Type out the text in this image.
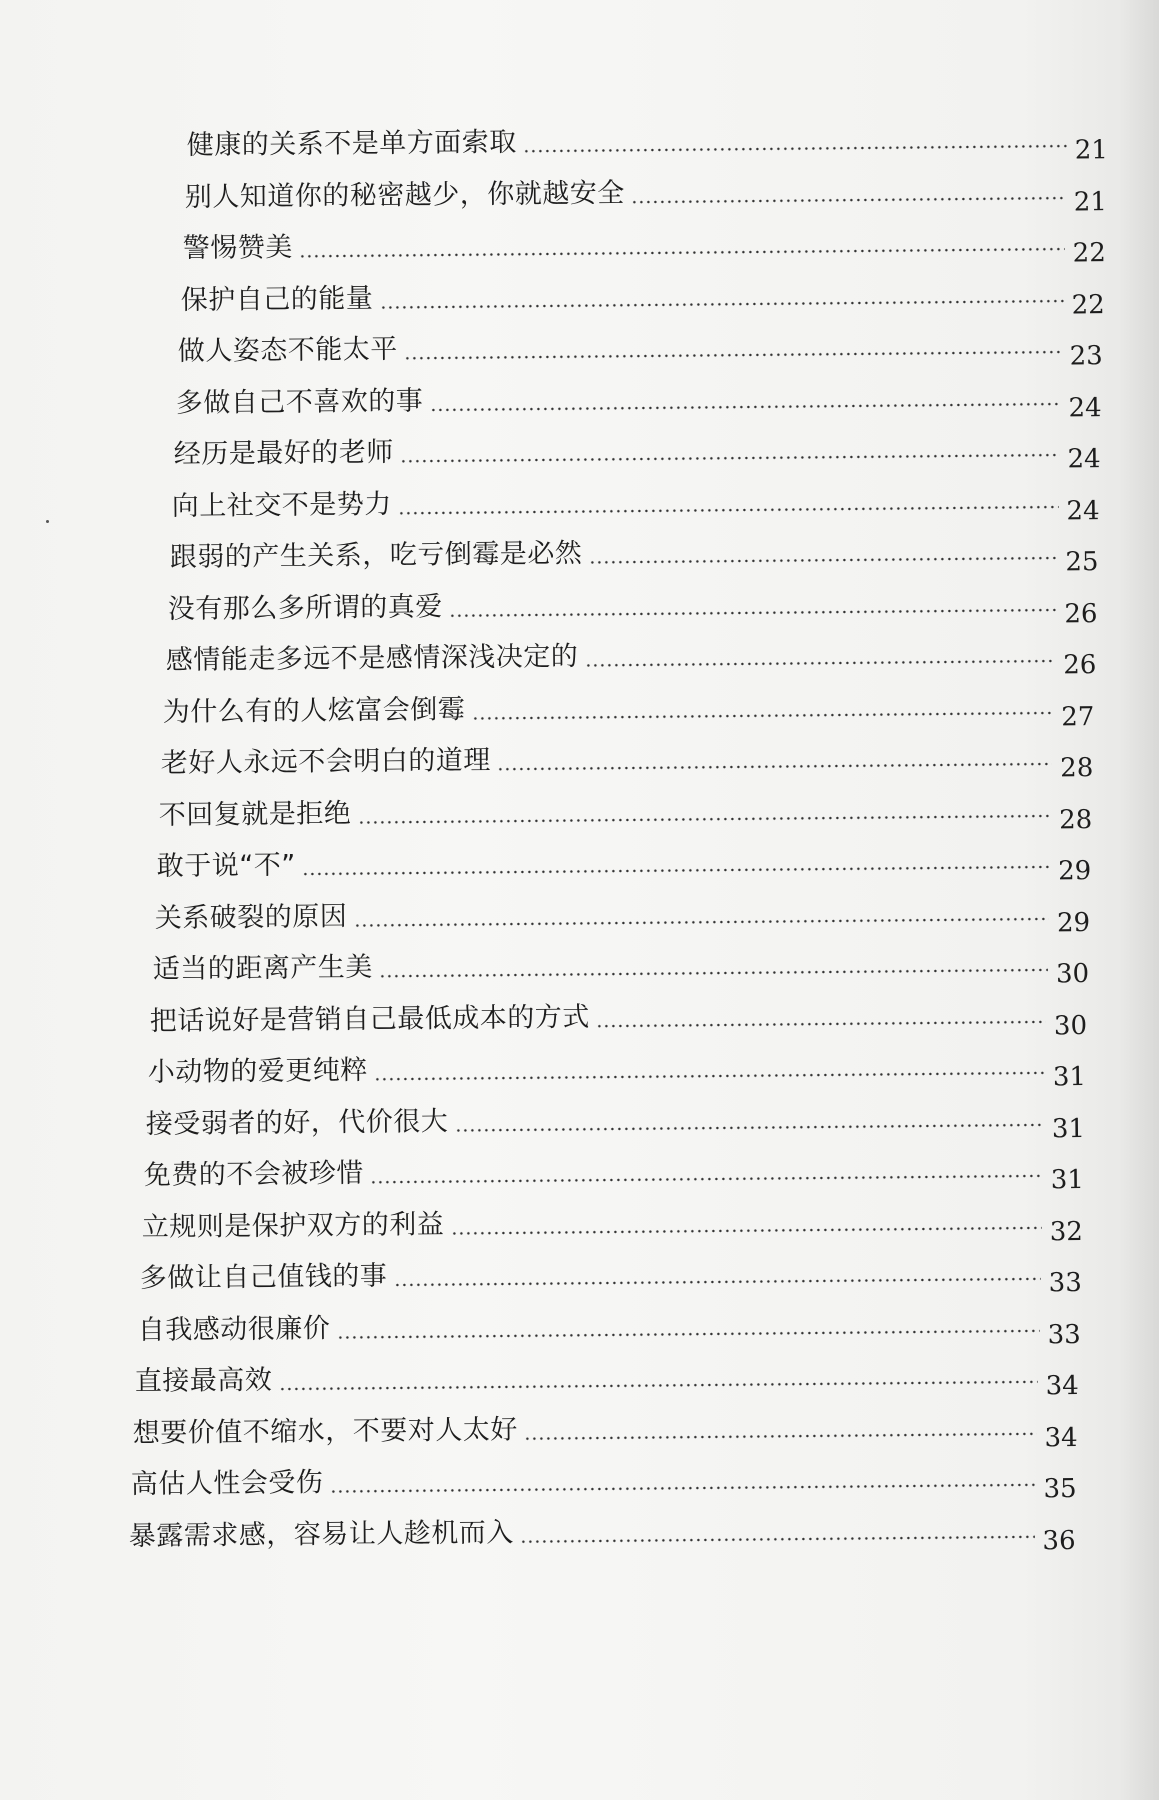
健康的关系不是单方面索取	21
别人知道你的秘密越少，你就越安全	21
警惕赞美	22
保护自己的能量	22
做人姿态不能太平	23
多做自己不喜欢的事	24
经历是最好的老师	24
向上社交不是势力	24
跟弱的产生关系，吃亏倒霉是必然	25
没有那么多所谓的真爱	26
感情能走多远不是感情深浅决定的	26
为什么有的人炫富会倒霉	27
老好人永远不会明白的道理	28
不回复就是拒绝	28
敢于说“不”	29
关系破裂的原因	29
适当的距离产生美	30
把话说好是营销自己最低成本的方式	30
小动物的爱更纯粹	31
接受弱者的好，代价很大	31
免费的不会被珍惜	31
立规则是保护双方的利益	32
多做让自己值钱的事	33
自我感动很廉价	33
直接最高效	34
想要价值不缩水，不要对人太好	34
高估人性会受伤	35
暴露需求感，容易让人趁机而入	36
